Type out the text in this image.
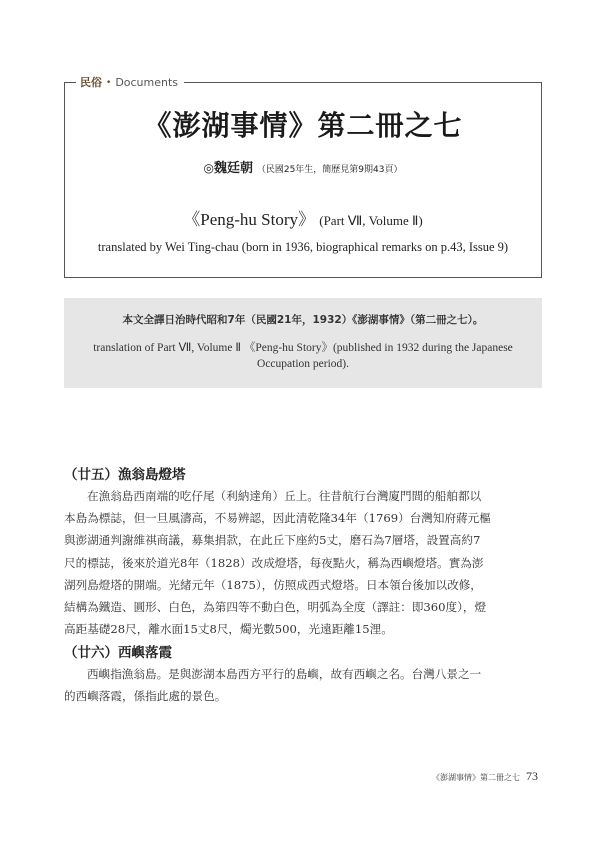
民俗 • Documents
《澎湖事情》第二冊之七
◎魏廷朝 （民國25年生，簡歷見第9期43頁）
《Peng-hu Story》 (Part Ⅶ, Volume Ⅱ)
translated by Wei Ting-chau (born in 1936, biographical remarks on p.43, Issue 9)
本文全譯日治時代昭和7年（民國21年，1932）《澎湖事情》（第二冊之七）。
translation of Part Ⅶ, Volume Ⅱ 《Peng-hu Story》(published in 1932 during the Japanese Occupation period).
（廿五）漁翁島燈塔
在漁翁島西南端的吃仔尾（利納達角）丘上。往昔航行台灣廈門間的船舶都以
本島為標誌，但一旦風濤高，不易辨認，因此清乾隆34年（1769）台灣知府蔣元樞
與澎湖通判謝維祺商議，募集捐款，在此丘下座約5丈，磨石為7層塔，設置高約7
尺的標誌，後來於道光8年（1828）改成燈塔，每夜點火，稱為西嶼燈塔。實為澎
湖列島燈塔的開端。光緒元年（1875），仿照成西式燈塔。日本領台後加以改修，
結構為鐵造、圓形、白色，為第四等不動白色，明弧為全度（譯註：即360度），燈
高距基礎28尺，離水面15丈8尺，燭光數500，光遠距離15浬。
（廿六）西嶼落霞
西嶼指漁翁島。是與澎湖本島西方平行的島嶼，故有西嶼之名。台灣八景之一
的西嶼落霞，係指此處的景色。
《澎湖事情》第二冊之七 73
